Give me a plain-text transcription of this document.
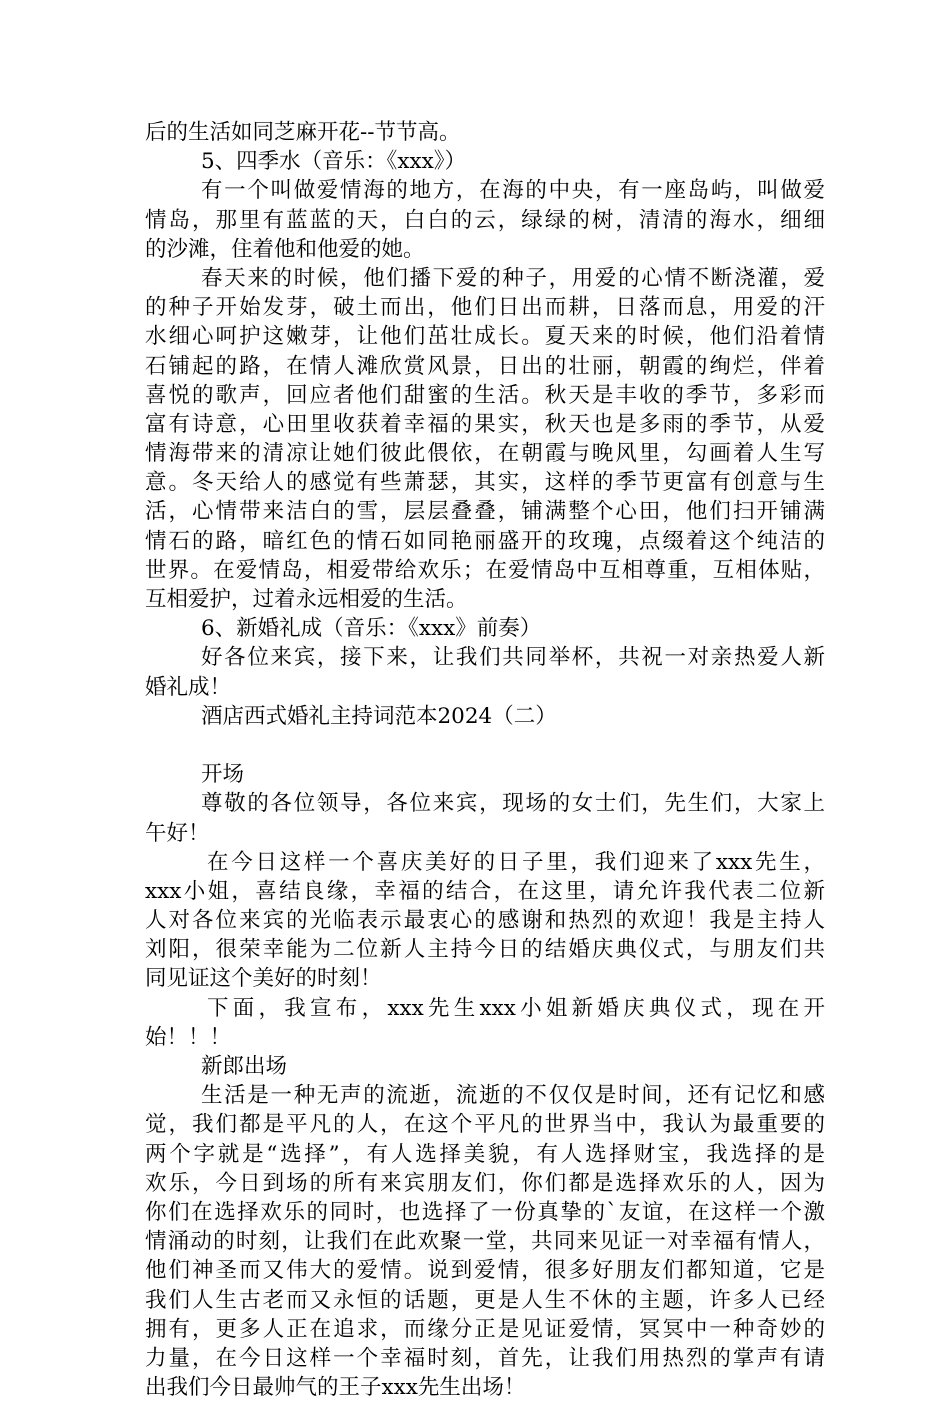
后的生活如同芝麻开花--节节高。
5、四季水（音乐：《xxx》）
有一个叫做爱情海的地方，在海的中央，有一座岛屿，叫做爱
情岛，那里有蓝蓝的天，白白的云，绿绿的树，清清的海水，细细
的沙滩，住着他和他爱的她。
春天来的时候，他们播下爱的种子，用爱的心情不断浇灌，爱
的种子开始发芽，破土而出，他们日出而耕，日落而息，用爱的汗
水细心呵护这嫩芽，让他们茁壮成长。夏天来的时候，他们沿着情
石铺起的路，在情人滩欣赏风景，日出的壮丽，朝霞的绚烂，伴着
喜悦的歌声，回应者他们甜蜜的生活。秋天是丰收的季节，多彩而
富有诗意，心田里收获着幸福的果实，秋天也是多雨的季节，从爱
情海带来的清凉让她们彼此偎依，在朝霞与晚风里，勾画着人生写
意。冬天给人的感觉有些萧瑟，其实，这样的季节更富有创意与生
活，心情带来洁白的雪，层层叠叠，铺满整个心田，他们扫开铺满
情石的路，暗红色的情石如同艳丽盛开的玫瑰，点缀着这个纯洁的
世界。在爱情岛，相爱带给欢乐；在爱情岛中互相尊重，互相体贴，
互相爱护，过着永远相爱的生活。
6、新婚礼成（音乐：《xxx》前奏）
好各位来宾，接下来，让我们共同举杯，共祝一对亲热爱人新
婚礼成！
酒店西式婚礼主持词范本2024（二）
开场
尊敬的各位领导，各位来宾，现场的女士们，先生们，大家上
午好！
在今日这样一个喜庆美好的日子里，我们迎来了xxx先生，
xxx小姐，喜结良缘，幸福的结合，在这里，请允许我代表二位新
人对各位来宾的光临表示最衷心的感谢和热烈的欢迎！我是主持人
刘阳，很荣幸能为二位新人主持今日的结婚庆典仪式，与朋友们共
同见证这个美好的时刻！
下面，我宣布，xxx先生xxx小姐新婚庆典仪式，现在开
始！！！
新郎出场
生活是一种无声的流逝，流逝的不仅仅是时间，还有记忆和感
觉，我们都是平凡的人，在这个平凡的世界当中，我认为最重要的
两个字就是“选择”，有人选择美貌，有人选择财宝，我选择的是
欢乐，今日到场的所有来宾朋友们，你们都是选择欢乐的人，因为
你们在选择欢乐的同时，也选择了一份真挚的`友谊，在这样一个激
情涌动的时刻，让我们在此欢聚一堂，共同来见证一对幸福有情人，
他们神圣而又伟大的爱情。说到爱情，很多好朋友们都知道，它是
我们人生古老而又永恒的话题，更是人生不休的主题，许多人已经
拥有，更多人正在追求，而缘分正是见证爱情，冥冥中一种奇妙的
力量，在今日这样一个幸福时刻，首先，让我们用热烈的掌声有请
出我们今日最帅气的王子xxx先生出场！
